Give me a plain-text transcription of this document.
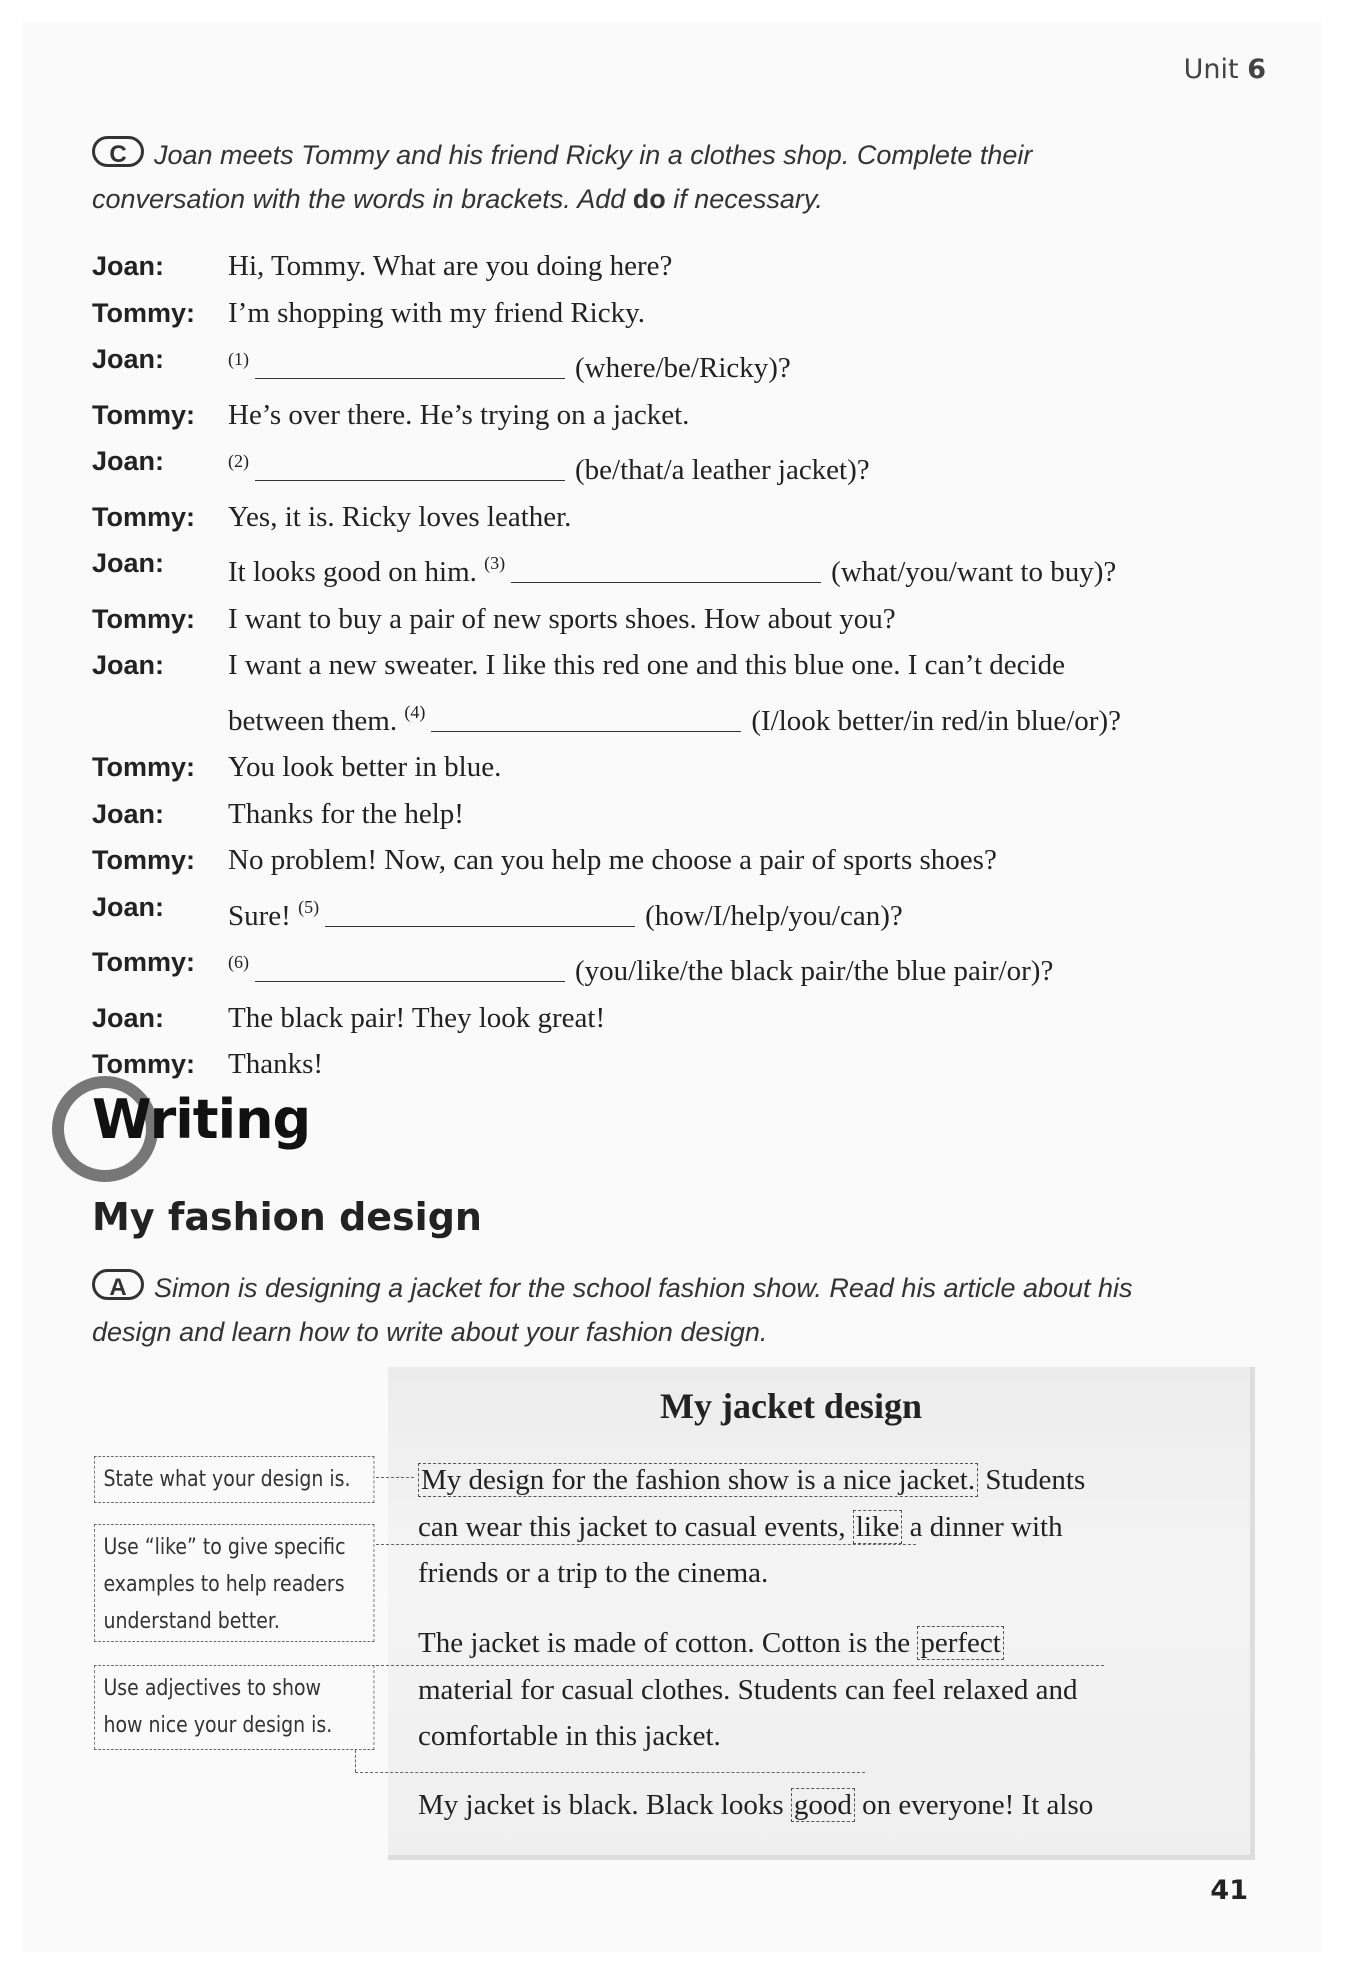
Unit 6
C Joan meets Tommy and his friend Ricky in a clothes shop. Complete their
conversation with the words in brackets. Add do if necessary.
Joan:	Hi, Tommy. What are you doing here?
Tommy:	I’m shopping with my friend Ricky.
Joan:	$^{(1)}$	(where/be/Ricky)?
Tommy:	He’s over there. He’s trying on a jacket.
Joan:	$^{(2)}$	(be/that/a leather jacket)?
Tommy:	Yes, it is. Ricky loves leather.
Joan:	It looks good on him. $^{(3)}$	(what/you/want to buy)?
Tommy:	I want to buy a pair of new sports shoes. How about you?
Joan:	I want a new sweater. I like this red one and this blue one. I can’t decide
between them. $^{(4)}$	(I/look better/in red/in blue/or)?
Tommy:	You look better in blue.
Joan:	Thanks for the help!
Tommy:	No problem! Now, can you help me choose a pair of sports shoes?
Joan:	Sure! $^{(5)}$	(how/I/help/you/can)?
Tommy:	$^{(6)}$	(you/like/the black pair/the blue pair/or)?
Joan:	The black pair! They look great!
Tommy:	Thanks!
Writing
My fashion design
A Simon is designing a jacket for the school fashion show. Read his article about his
design and learn how to write about your fashion design.
My jacket design
My design for the fashion show is a nice jacket. Students
can wear this jacket to casual events, like a dinner with
friends or a trip to the cinema.
The jacket is made of cotton. Cotton is the perfect
material for casual clothes. Students can feel relaxed and
comfortable in this jacket.
My jacket is black. Black looks good on everyone! It also
State what your design is.
Use “like” to give specific examples to help readers understand better.
Use adjectives to show how nice your design is.
41
